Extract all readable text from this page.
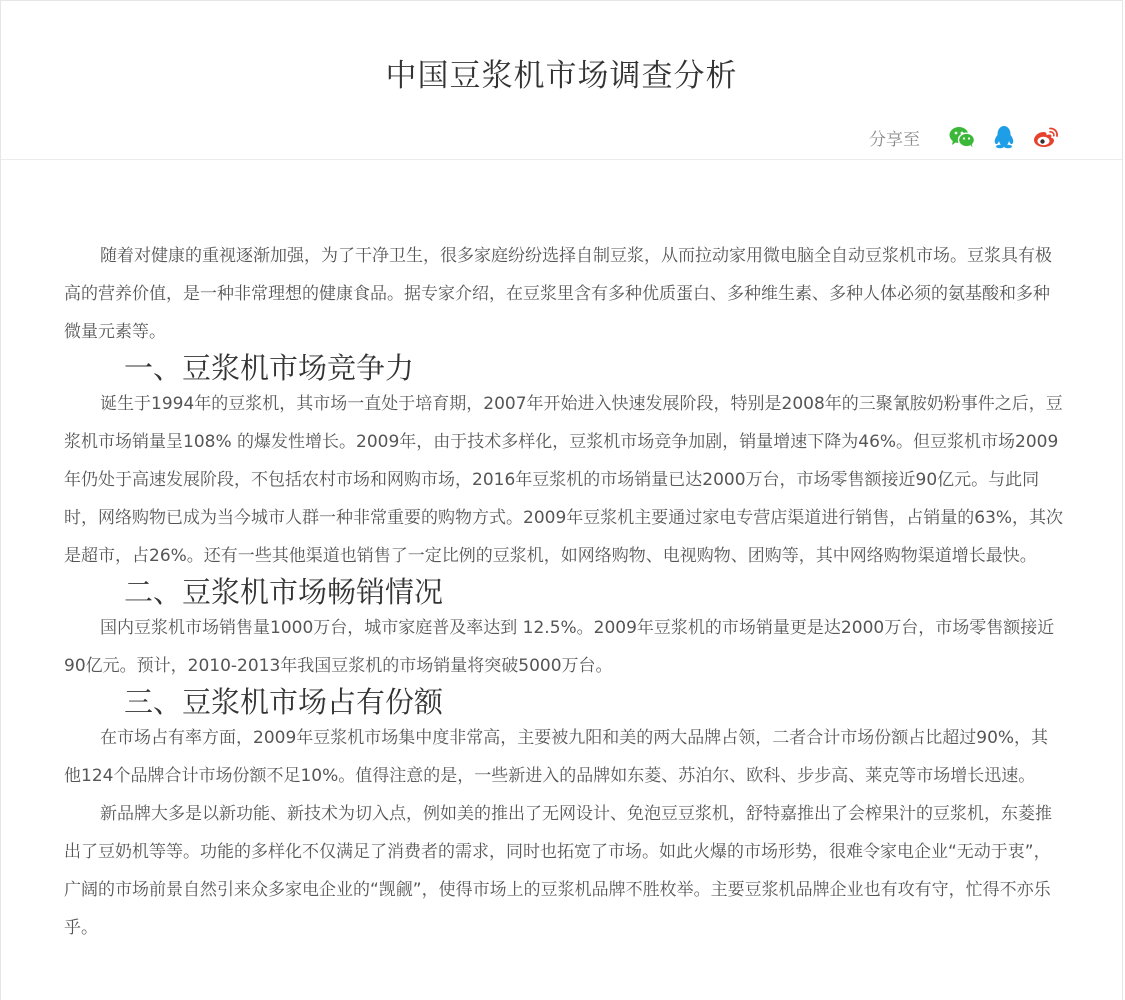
中国豆浆机市场调查分析
分享至

随着对健康的重视逐渐加强，为了干净卫生，很多家庭纷纷选择自制豆浆，从而拉动家用微电脑全自动豆浆机市场。豆浆具有极高的营养价值，是一种非常理想的健康食品。据专家介绍，在豆浆里含有多种优质蛋白、多种维生素、多种人体必须的氨基酸和多种微量元素等。

一、豆浆机市场竞争力

诞生于1994年的豆浆机，其市场一直处于培育期，2007年开始进入快速发展阶段，特别是2008年的三聚氰胺奶粉事件之后，豆浆机市场销量呈108% 的爆发性增长。2009年，由于技术多样化，豆浆机市场竞争加剧，销量增速下降为46%。但豆浆机市场2009年仍处于高速发展阶段，不包括农村市场和网购市场，2016年豆浆机的市场销量已达2000万台，市场零售额接近90亿元。与此同时，网络购物已成为当今城市人群一种非常重要的购物方式。2009年豆浆机主要通过家电专营店渠道进行销售，占销量的63%，其次是超市，占26%。还有一些其他渠道也销售了一定比例的豆浆机，如网络购物、电视购物、团购等，其中网络购物渠道增长最快。

二、豆浆机市场畅销情况

国内豆浆机市场销售量1000万台，城市家庭普及率达到 12.5%。2009年豆浆机的市场销量更是达2000万台，市场零售额接近90亿元。预计，2010-2013年我国豆浆机的市场销量将突破5000万台。

三、豆浆机市场占有份额

在市场占有率方面，2009年豆浆机市场集中度非常高，主要被九阳和美的两大品牌占领，二者合计市场份额占比超过90%，其他124个品牌合计市场份额不足10%。值得注意的是，一些新进入的品牌如东菱、苏泊尔、欧科、步步高、莱克等市场增长迅速。

新品牌大多是以新功能、新技术为切入点，例如美的推出了无网设计、免泡豆豆浆机，舒特嘉推出了会榨果汁的豆浆机，东菱推出了豆奶机等等。功能的多样化不仅满足了消费者的需求，同时也拓宽了市场。如此火爆的市场形势，很难令家电企业“无动于衷”，广阔的市场前景自然引来众多家电企业的“觊觎”，使得市场上的豆浆机品牌不胜枚举。主要豆浆机品牌企业也有攻有守，忙得不亦乐乎。
